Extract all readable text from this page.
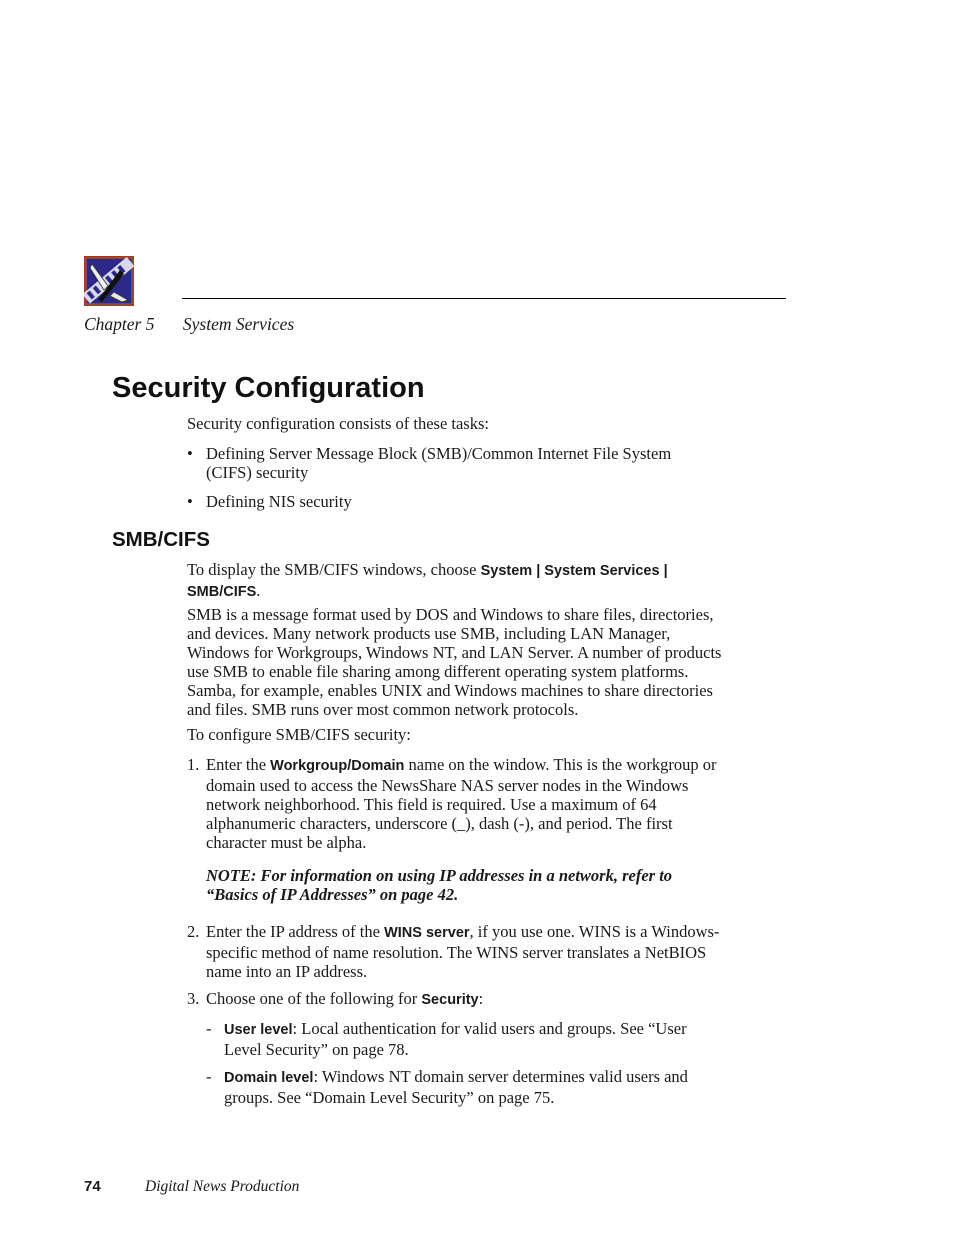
Chapter 5 System Services
Security Configuration

Security configuration consists of these tasks:

• Defining Server Message Block (SMB)/Common Internet File System (CIFS) security
• Defining NIS security
SMB/CIFS

To display the SMB/CIFS windows, choose System | System Services | SMB/CIFS.

SMB is a message format used by DOS and Windows to share files, directories, and devices. Many network products use SMB, including LAN Manager, Windows for Workgroups, Windows NT, and LAN Server. A number of products use SMB to enable file sharing among different operating system platforms. Samba, for example, enables UNIX and Windows machines to share directories and files. SMB runs over most common network protocols.

To configure SMB/CIFS security:

1. Enter the Workgroup/Domain name on the window. This is the workgroup or domain used to access the NewsShare NAS server nodes in the Windows network neighborhood. This field is required. Use a maximum of 64 alphanumeric characters, underscore (_), dash (-), and period. The first character must be alpha.
NOTE: For information on using IP addresses in a network, refer to “Basics of IP Addresses” on page 42.
2. Enter the IP address of the WINS server, if you use one. WINS is a Windows-specific method of name resolution. The WINS server translates a NetBIOS name into an IP address.
3. Choose one of the following for Security:
- User level: Local authentication for valid users and groups. See “User Level Security” on page 78.
- Domain level: Windows NT domain server determines valid users and groups. See “Domain Level Security” on page 75.
74	Digital News Production
